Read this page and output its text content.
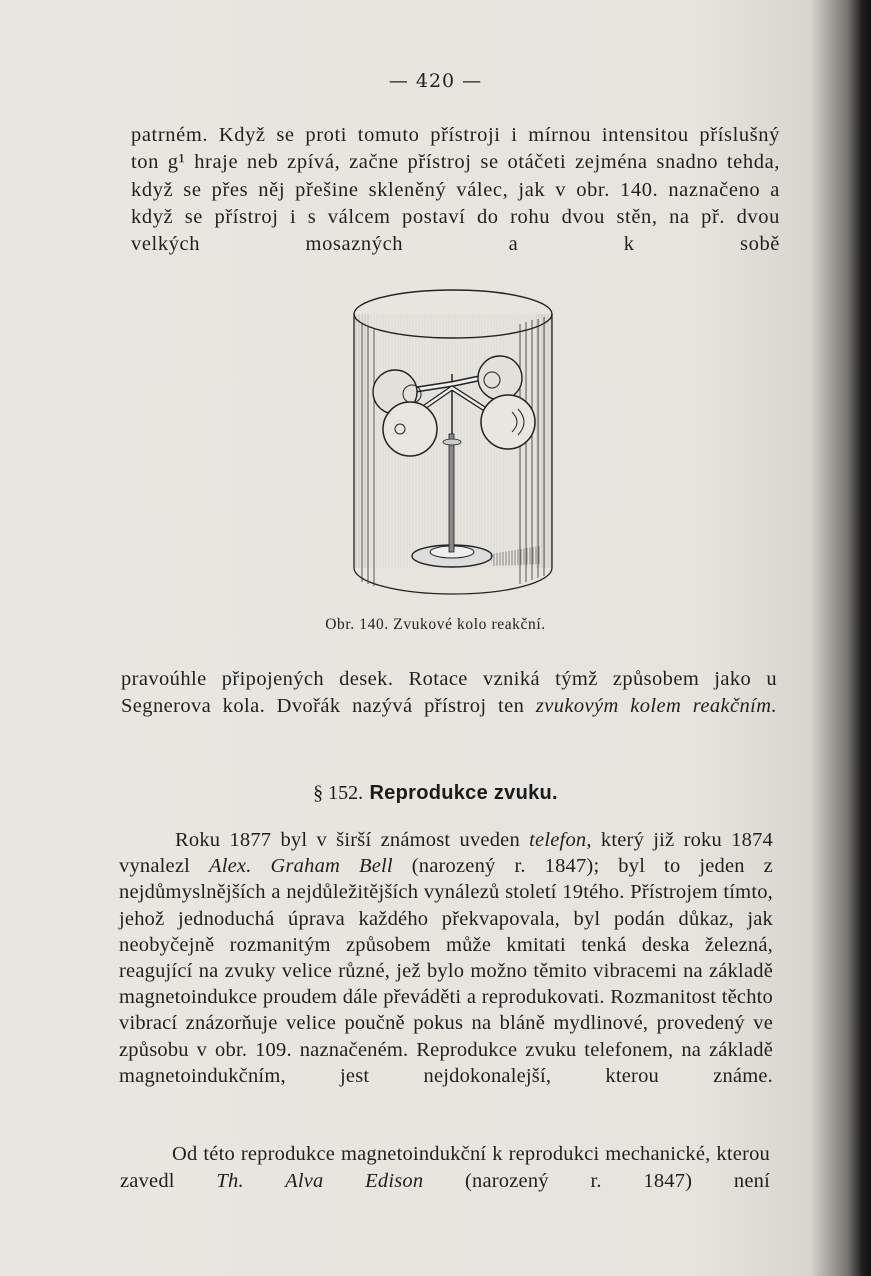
— 420 —

patrném. Když se proti tomuto přístroji i mírnou intensitou příslušný ton g¹ hraje neb zpívá, začne přístroj se otáčeti zejména snadno tehda, když se přes něj přešine skleněný válec, jak v obr. 140. naznačeno a když se přístroj i s válcem postaví do rohu dvou stěn, na př. dvou velkých mosazných a k sobě

Obr. 140. Zvukové kolo reakční.

pravoúhle připojených desek. Rotace vzniká týmž způsobem jako u Segnerova kola. Dvořák nazývá přístroj ten zvukovým kolem reakčním.

§ 152. Reprodukce zvuku.

Roku 1877 byl v širší známost uveden telefon, který již roku 1874 vynalezl Alex. Graham Bell (narozený r. 1847); byl to jeden z nejdůmyslnějších a nejdůležitějších vynálezů století 19tého. Přístrojem tímto, jehož jednoduchá úprava každého překvapovala, byl podán důkaz, jak neobyčejně rozmanitým způsobem může kmitati tenká deska železná, reagující na zvuky velice různé, jež bylo možno těmito vibracemi na základě magnetoindukce proudem dále převáděti a reprodukovati. Rozmanitost těchto vibrací znázorňuje velice poučně pokus na bláně mydlinové, provedený ve způsobu v obr. 109. naznačeném. Reprodukce zvuku telefonem, na základě magnetoindukčním, jest nejdokonalejší, kterou známe.

Od této reprodukce magnetoindukční k reprodukci mechanické, kterou zavedl Th. Alva Edison (narozený r. 1847) není
